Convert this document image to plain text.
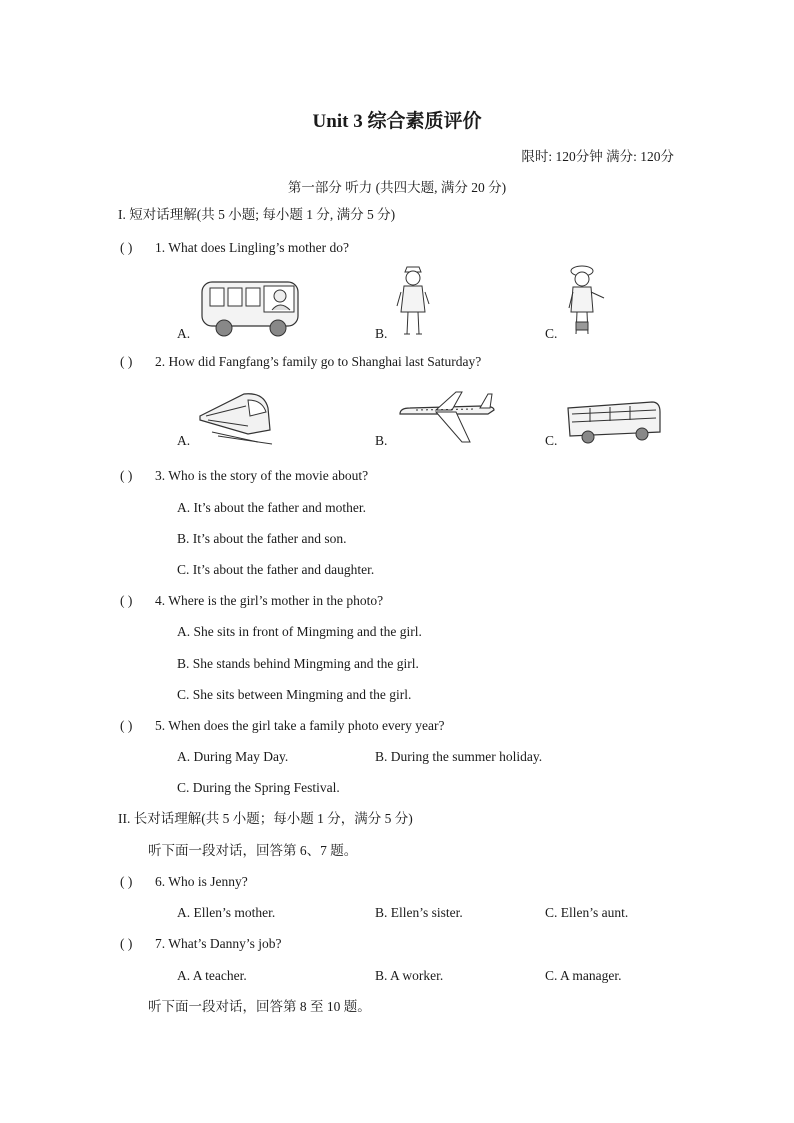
Unit 3 综合素质评价
限时: 120分钟 满分: 120分
第一部分 听力 (共四大题, 满分 20 分)
I. 短对话理解(共 5 小题; 每小题 1 分, 满分 5 分)
( ) 1. What does Lingling’s mother do?
A.	B.	C.
( ) 2. How did Fangfang’s family go to Shanghai last Saturday?
A.	B.	C.
( ) 3. Who is the story of the movie about?
A. It’s about the father and mother.
B. It’s about the father and son.
C. It’s about the father and daughter.
( ) 4. Where is the girl’s mother in the photo?
A. She sits in front of Mingming and the girl.
B. She stands behind Mingming and the girl.
C. She sits between Mingming and the girl.
( ) 5. When does the girl take a family photo every year?
A. During May Day.	B. During the summer holiday.
C. During the Spring Festival.
II. 长对话理解(共 5 小题；每小题 1 分，满分 5 分)
听下面一段对话，回答第 6、7 题。
( ) 6. Who is Jenny?
A. Ellen’s mother.	B. Ellen’s sister.	C. Ellen’s aunt.
( ) 7. What’s Danny’s job?
A. A teacher.	B. A worker.	C. A manager.
听下面一段对话，回答第 8 至 10 题。
